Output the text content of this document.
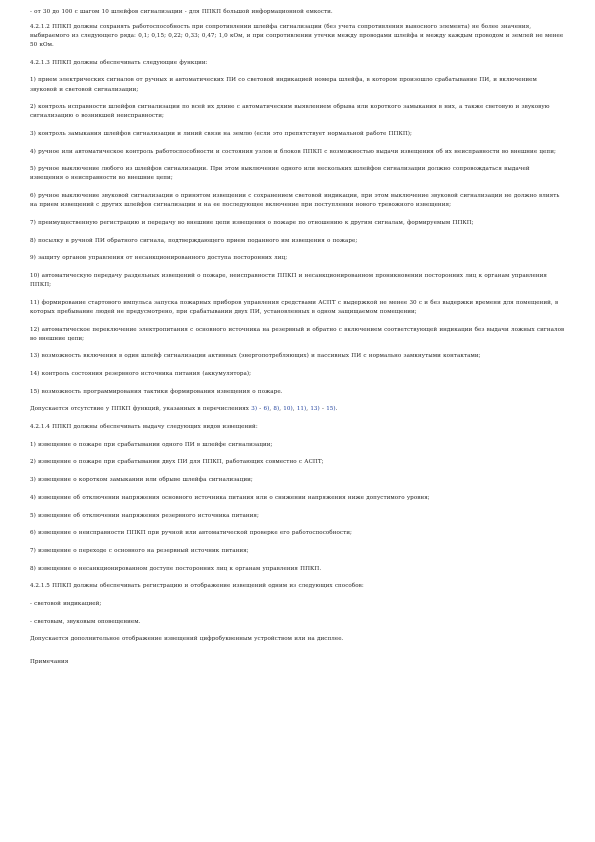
- от 30 до 100 с шагом 10 шлейфов сигнализации - для ППКП большой информационной емкости.

4.2.1.2 ППКП должны сохранять работоспособность при сопротивлении шлейфа сигнализации (без учета сопротивления выносного элемента) не более значения, выбираемого из следующего ряда: 0,1; 0,15; 0,22; 0,33; 0,47; 1,0 кОм, и при сопротивлении утечки между проводами шлейфа и между каждым проводом и землей не менее 50 кОм.

4.2.1.3 ППКП должны обеспечивать следующие функции:

1) прием электрических сигналов от ручных и автоматических ПИ со световой индикацией номера шлейфа, в котором произошло срабатывание ПИ, и включением звуковой и световой сигнализации;

2) контроль исправности шлейфов сигнализации по всей их длине с автоматическим выявлением обрыва или короткого замыкания в них, а также световую и звуковую сигнализацию о возникшей неисправности;

3) контроль замыкания шлейфов сигнализации и линий связи на землю (если это препятствует нормальной работе ППКП);

4) ручное или автоматическое контроль работоспособности и состояния узлов и блоков ППКП с возможностью выдачи извещения об их неисправности во внешние цепи;

5) ручное выключение любого из шлейфов сигнализации. При этом выключение одного или нескольких шлейфов сигнализации должно сопровождаться выдачей извещения о неисправности во внешние цепи;

6) ручное выключение звуковой сигнализации о принятом извещении с сохранением световой индикации, при этом выключение звуковой сигнализации не должно влиять на прием извещений с других шлейфов сигнализации и на ее последующее включение при поступлении нового тревожного извещения;

7) преимущественную регистрацию и передачу во внешние цепи извещения о пожаре по отношению к другим сигналам, формируемым ППКП;

8) посылку в ручной ПИ обратного сигнала, подтверждающего прием поданного им извещения о пожаре;

9) защиту органов управления от несанкционированного доступа посторонних лиц;

10) автоматическую передачу раздельных извещений о пожаре, неисправности ППКП и несанкционированном проникновении посторонних лиц к органам управления ППКП;

11) формирование стартового импульса запуска пожарных приборов управления средствами АСПТ с выдержкой не менее 30 с и без выдержки времени для помещений, в которых пребывание людей не предусмотрено, при срабатывании двух ПИ, установленных в одном защищаемом помещении;

12) автоматическое переключение электропитания с основного источника на резервный и обратно с включением соответствующей индикации без выдачи ложных сигналов во внешние цепи;

13) возможность включения в один шлейф сигнализации активных (энергопотребляющих) и пассивных ПИ с нормально замкнутыми контактами;

14) контроль состояния резервного источника питания (аккумулятора);

15) возможность программирования тактики формирования извещения о пожаре.

Допускается отсутствие у ППКП функций, указанных в перечислениях 3) - 6), 8), 10), 11), 13) - 15).

4.2.1.4 ППКП должны обеспечивать выдачу следующих видов извещений:

1) извещение о пожаре при срабатывании одного ПИ в шлейфе сигнализации;

2) извещение о пожаре при срабатывании двух ПИ для ППКП, работающих совместно с АСПТ;

3) извещение о коротком замыкании или обрыве шлейфа сигнализации;

4) извещение об отключении напряжения основного источника питания или о снижении напряжения ниже допустимого уровня;

5) извещение об отключении напряжения резервного источника питания;

6) извещение о неисправности ППКП при ручной или автоматической проверке его работоспособности;

7) извещение о переходе с основного на резервный источник питания;

8) извещение о несанкционированном доступе посторонних лиц к органам управления ППКП.

4.2.1.5 ППКП должны обеспечивать регистрацию и отображение извещений одним из следующих способов:

- световой индикацией;

- световым, звуковым оповещением.

Допускается дополнительное отображение извещений цифробуквенным устройством или на дисплее.

Примечания
